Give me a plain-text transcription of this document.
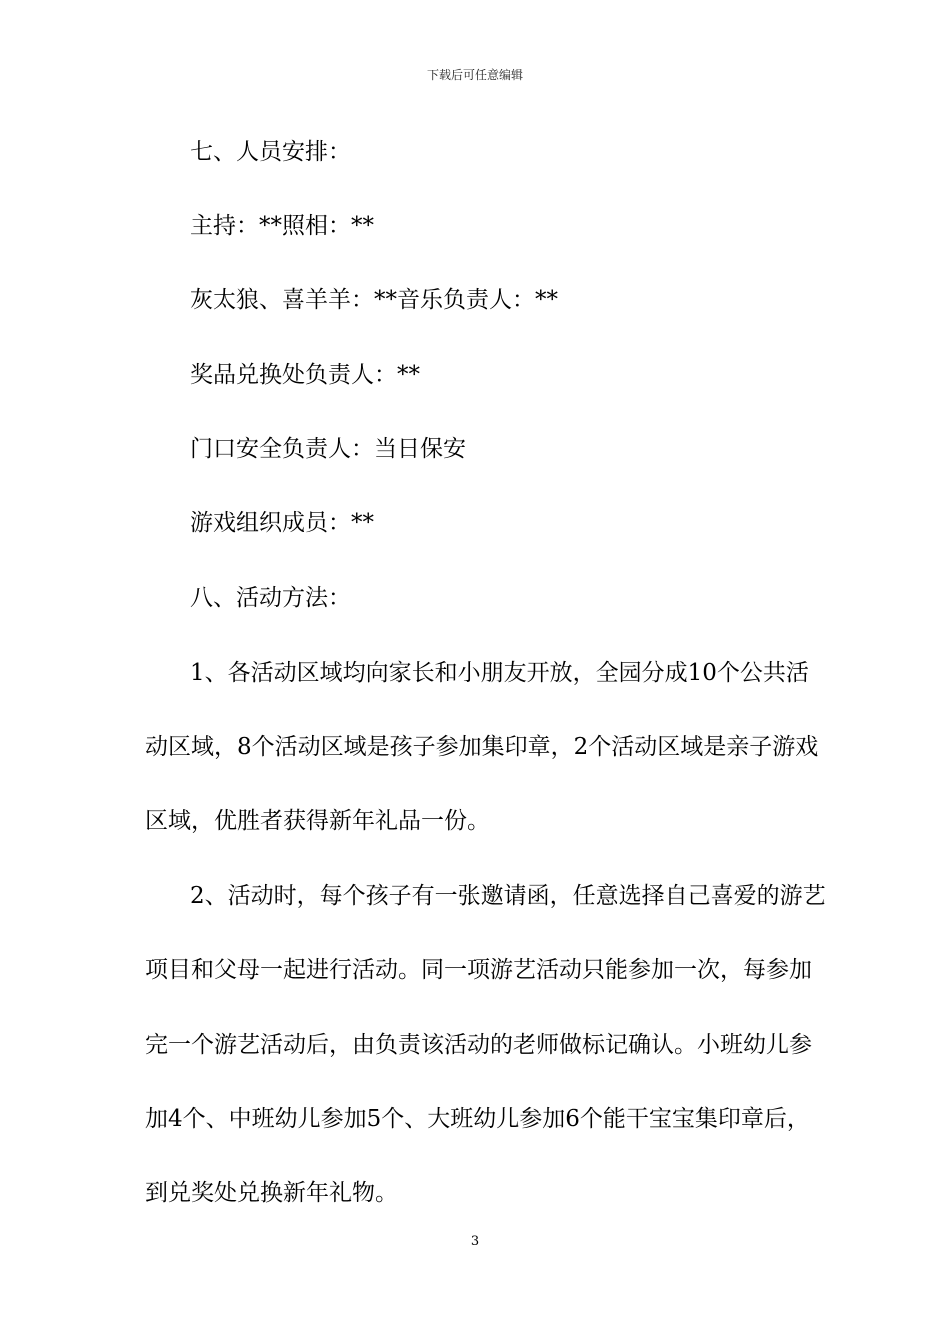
下载后可任意编辑
七、人员安排：
主持：**照相：**
灰太狼、喜羊羊：**音乐负责人：**
奖品兑换处负责人：**
门口安全负责人：当日保安
游戏组织成员：**
八、活动方法：
1、各活动区域均向家长和小朋友开放，全园分成10个公共活
动区域，8个活动区域是孩子参加集印章，2个活动区域是亲子游戏
区域，优胜者获得新年礼品一份。
2、活动时，每个孩子有一张邀请函，任意选择自己喜爱的游艺
项目和父母一起进行活动。同一项游艺活动只能参加一次，每参加
完一个游艺活动后，由负责该活动的老师做标记确认。小班幼儿参
加4个、中班幼儿参加5个、大班幼儿参加6个能干宝宝集印章后，
到兑奖处兑换新年礼物。
3
